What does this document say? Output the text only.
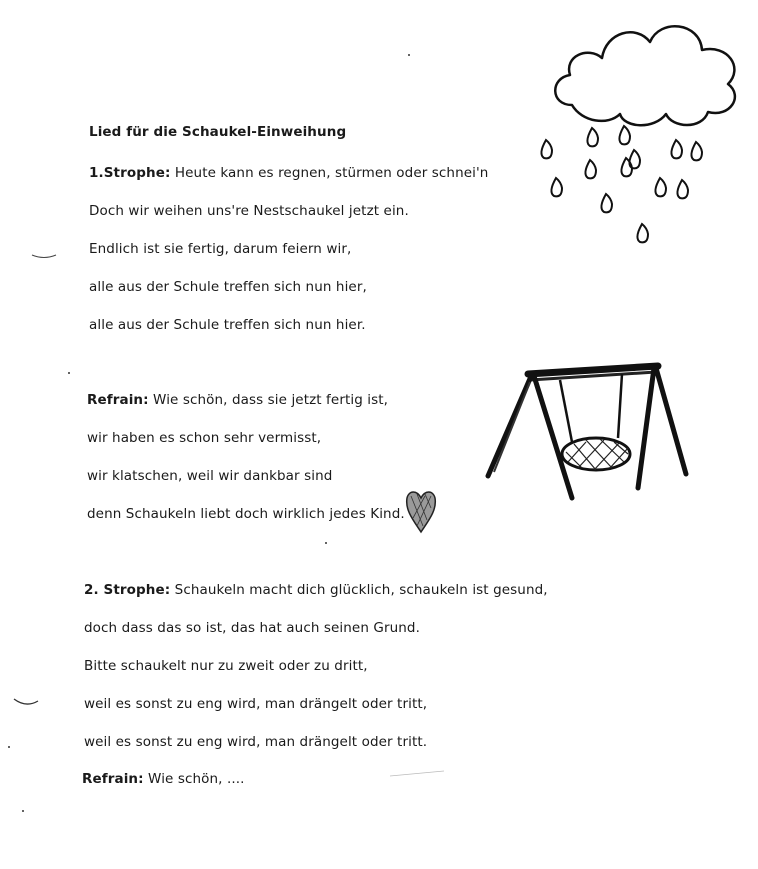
Lied für die Schaukel-Einweihung
1.Strophe: Heute kann es regnen, stürmen oder schnei'n
Doch wir weihen uns're Nestschaukel jetzt ein.
Endlich ist sie fertig, darum feiern wir,
alle aus der Schule treffen sich nun hier,
alle aus der Schule treffen sich nun hier.
Refrain: Wie schön, dass sie jetzt fertig ist,
wir haben es schon sehr vermisst,
wir klatschen, weil wir dankbar sind
denn Schaukeln liebt doch wirklich jedes Kind.
2. Strophe: Schaukeln macht dich glücklich, schaukeln ist gesund,
doch dass das so ist, das hat auch seinen Grund.
Bitte schaukelt nur zu zweit oder zu dritt,
weil es sonst zu eng wird, man drängelt oder tritt,
weil es sonst zu eng wird, man drängelt oder tritt.
Refrain: Wie schön, ....
